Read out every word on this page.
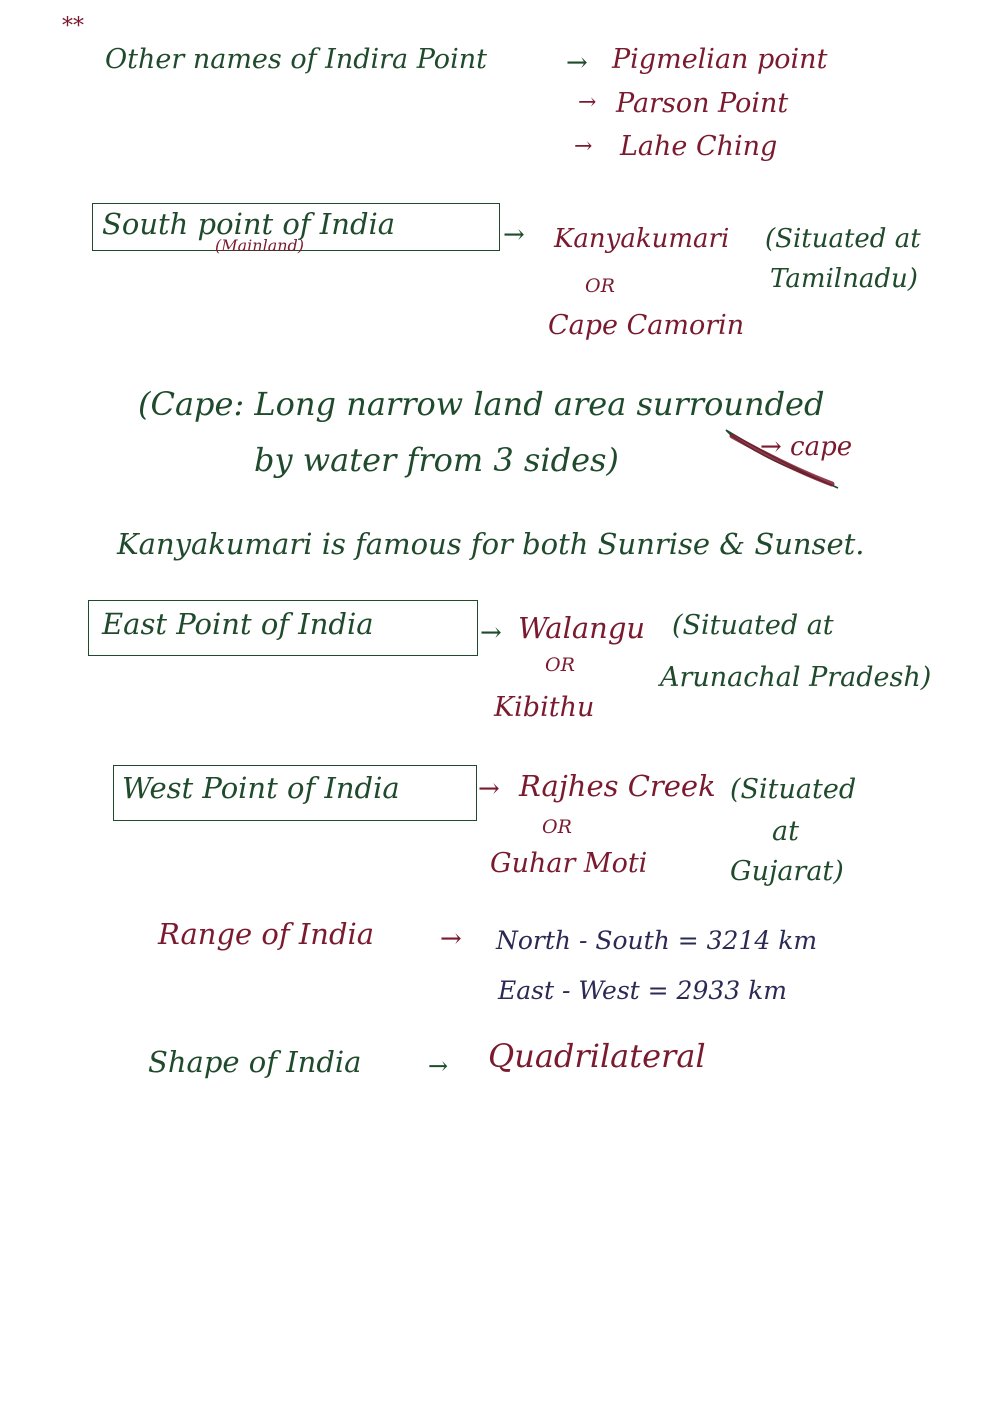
**
Other names of Indira Point	→ Pigmelian point
→ Parson Point
→ Lahe Ching
South point of India
(Mainland)	→ Kanyakumari
OR
Cape Camorin
(Situated at
Tamilnadu)
(Cape: Long narrow land area surrounded
by water from 3 sides)	→ cape
Kanyakumari is famous for both Sunrise & Sunset.
East Point of India	→ Walangu
OR
Kibithu
(Situated at
Arunachal Pradesh)
West Point of India	→ Rajhes Creek
OR
Guhar Moti
(Situated
at
Gujarat)
Range of India	→ North - South = 3214 km
East - West = 2933 km
Shape of India	→ Quadrilateral
